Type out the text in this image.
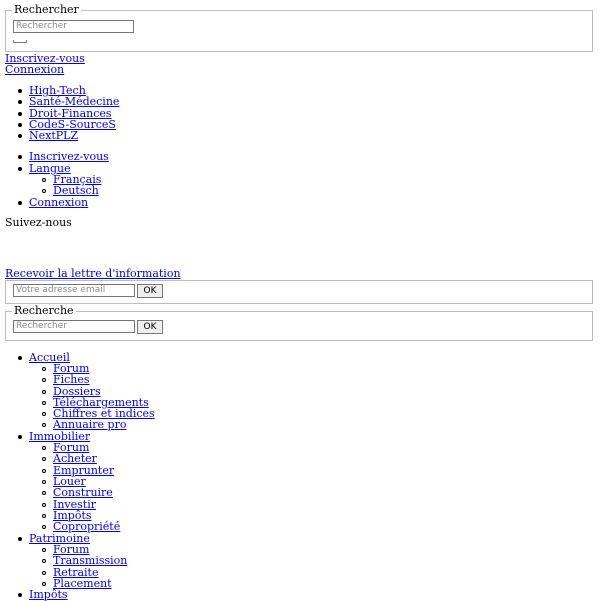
Rechercher
Rechercher
Inscrivez-vous
Connexion
High-Tech
Santé-Médecine
Droit-Finances
CodeS-SourceS
NextPLZ
Inscrivez-vous
Langue
Français
Deutsch
Connexion
Suivez-nous
Recevoir la lettre d'information
Votre adresse email	OK
Recherche
Rechercher	OK
Accueil
Forum
Fiches
Dossiers
Téléchargements
Chiffres et indices
Annuaire pro
Immobilier
Forum
Acheter
Emprunter
Louer
Construire
Investir
Impôts
Copropriété
Patrimoine
Forum
Transmission
Retraite
Placement
Impôts
